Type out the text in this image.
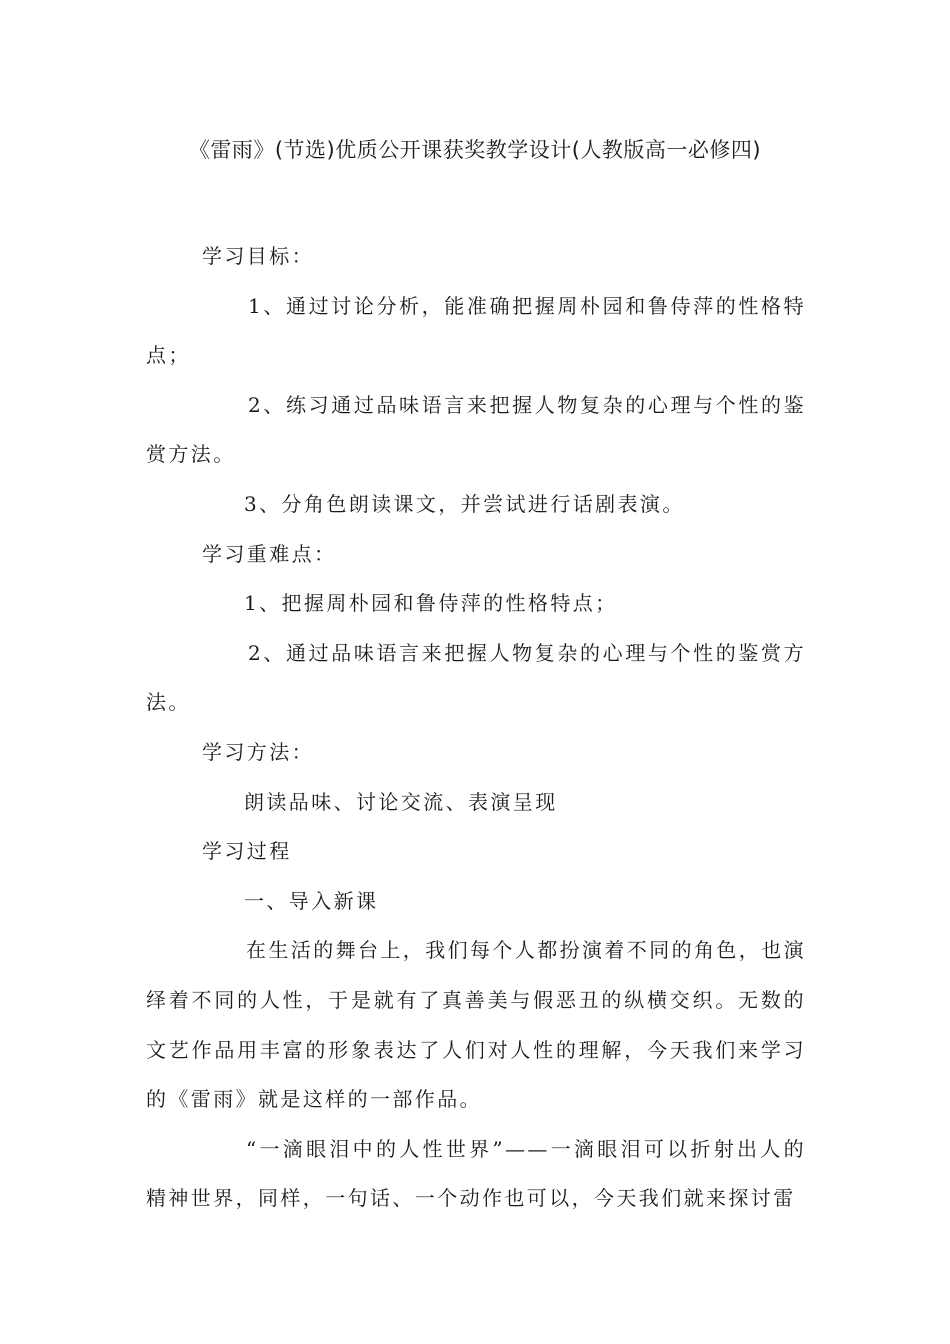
《雷雨》(节选)优质公开课获奖教学设计(人教版高一必修四)

学习目标：

1、通过讨论分析，能准确把握周朴园和鲁侍萍的性格特点；

2、练习通过品味语言来把握人物复杂的心理与个性的鉴赏方法。

3、分角色朗读课文，并尝试进行话剧表演。

学习重难点：

1、把握周朴园和鲁侍萍的性格特点；

2、通过品味语言来把握人物复杂的心理与个性的鉴赏方法。

学习方法：

朗读品味、讨论交流、表演呈现

学习过程

一、导入新课

在生活的舞台上，我们每个人都扮演着不同的角色，也演绎着不同的人性，于是就有了真善美与假恶丑的纵横交织。无数的文艺作品用丰富的形象表达了人们对人性的理解，今天我们来学习的《雷雨》就是这样的一部作品。

“一滴眼泪中的人性世界”——一滴眼泪可以折射出人的精神世界，同样，一句话、一个动作也可以，今天我们就来探讨雷
